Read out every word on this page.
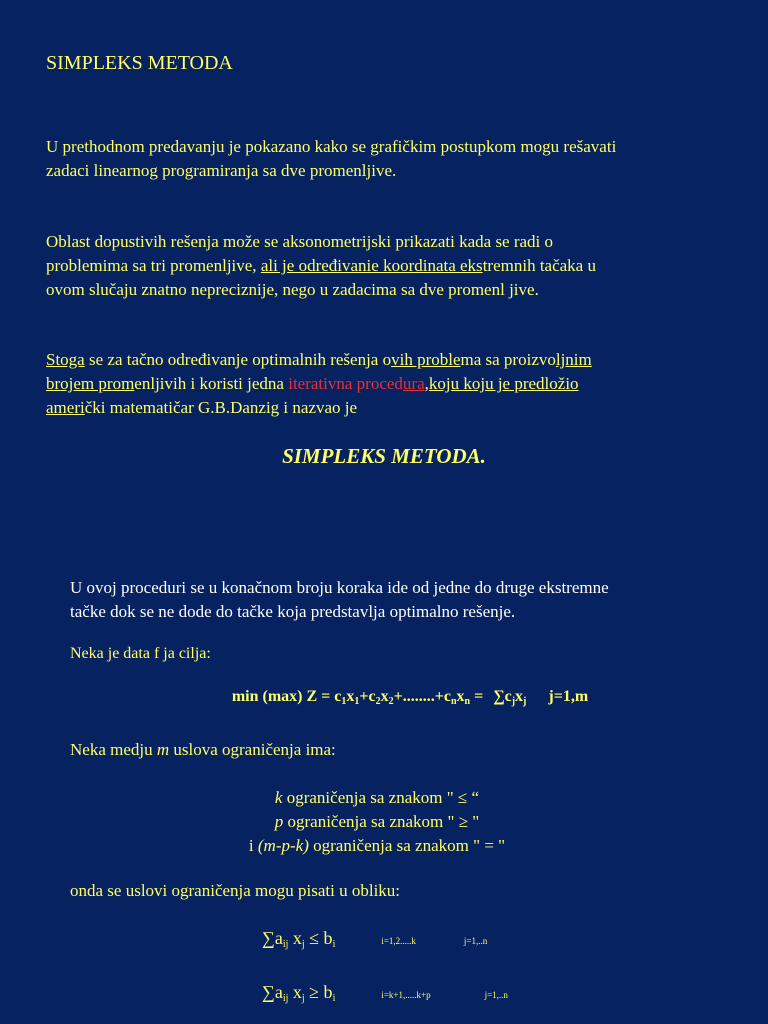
SIMPLEKS METODA
U prethodnom predavanju je pokazano kako se grafičkim postupkom mogu rešavati
zadaci linearnog programiranja sa dve promenljive.
Oblast dopustivih rešenja može se aksonometrijski prikazati kada se radi o
problemima sa tri promenljive, ali je određivanie koordinata ekstremnih tačaka u
ovom slučaju znatno nepreciznije, nego u zadacima sa dve promenl jive.
Stoga se za tačno određivanje optimalnih rešenja ovih problema sa proizvoljnim
brojem promenljivih i koristi jedna iterativna procedura,koju koju je predložio
američki matematičar G.B.Danzig i nazvao je
SIMPLEKS METODA.
U ovoj proceduri se u konačnom broju koraka ide od jedne do druge ekstremne
tačke dok se ne dode do tačke koja predstavlja optimalno rešenje.
Neka je data f ja cilja:
min (max) $Z = c_1x_1+c_2x_2+........+c_nx_n = \sum c_jx_j$ j=1,m
Neka medju m uslova ograničenja ima:
k ograničenja sa znakom " ≤ “
p ograničenja sa znakom " ≥ "
i (m-p-k) ograničenja sa znakom " = "
onda se uslovi ograničenja mogu pisati u obliku:
$\sum a_{ij}$ $x_j \le b_i$	i=1,2.....k	j=1,..n
$\sum a_{ij}$ $x_j \ge b_i$	i=k+1,.....k+p	j=1,..n
